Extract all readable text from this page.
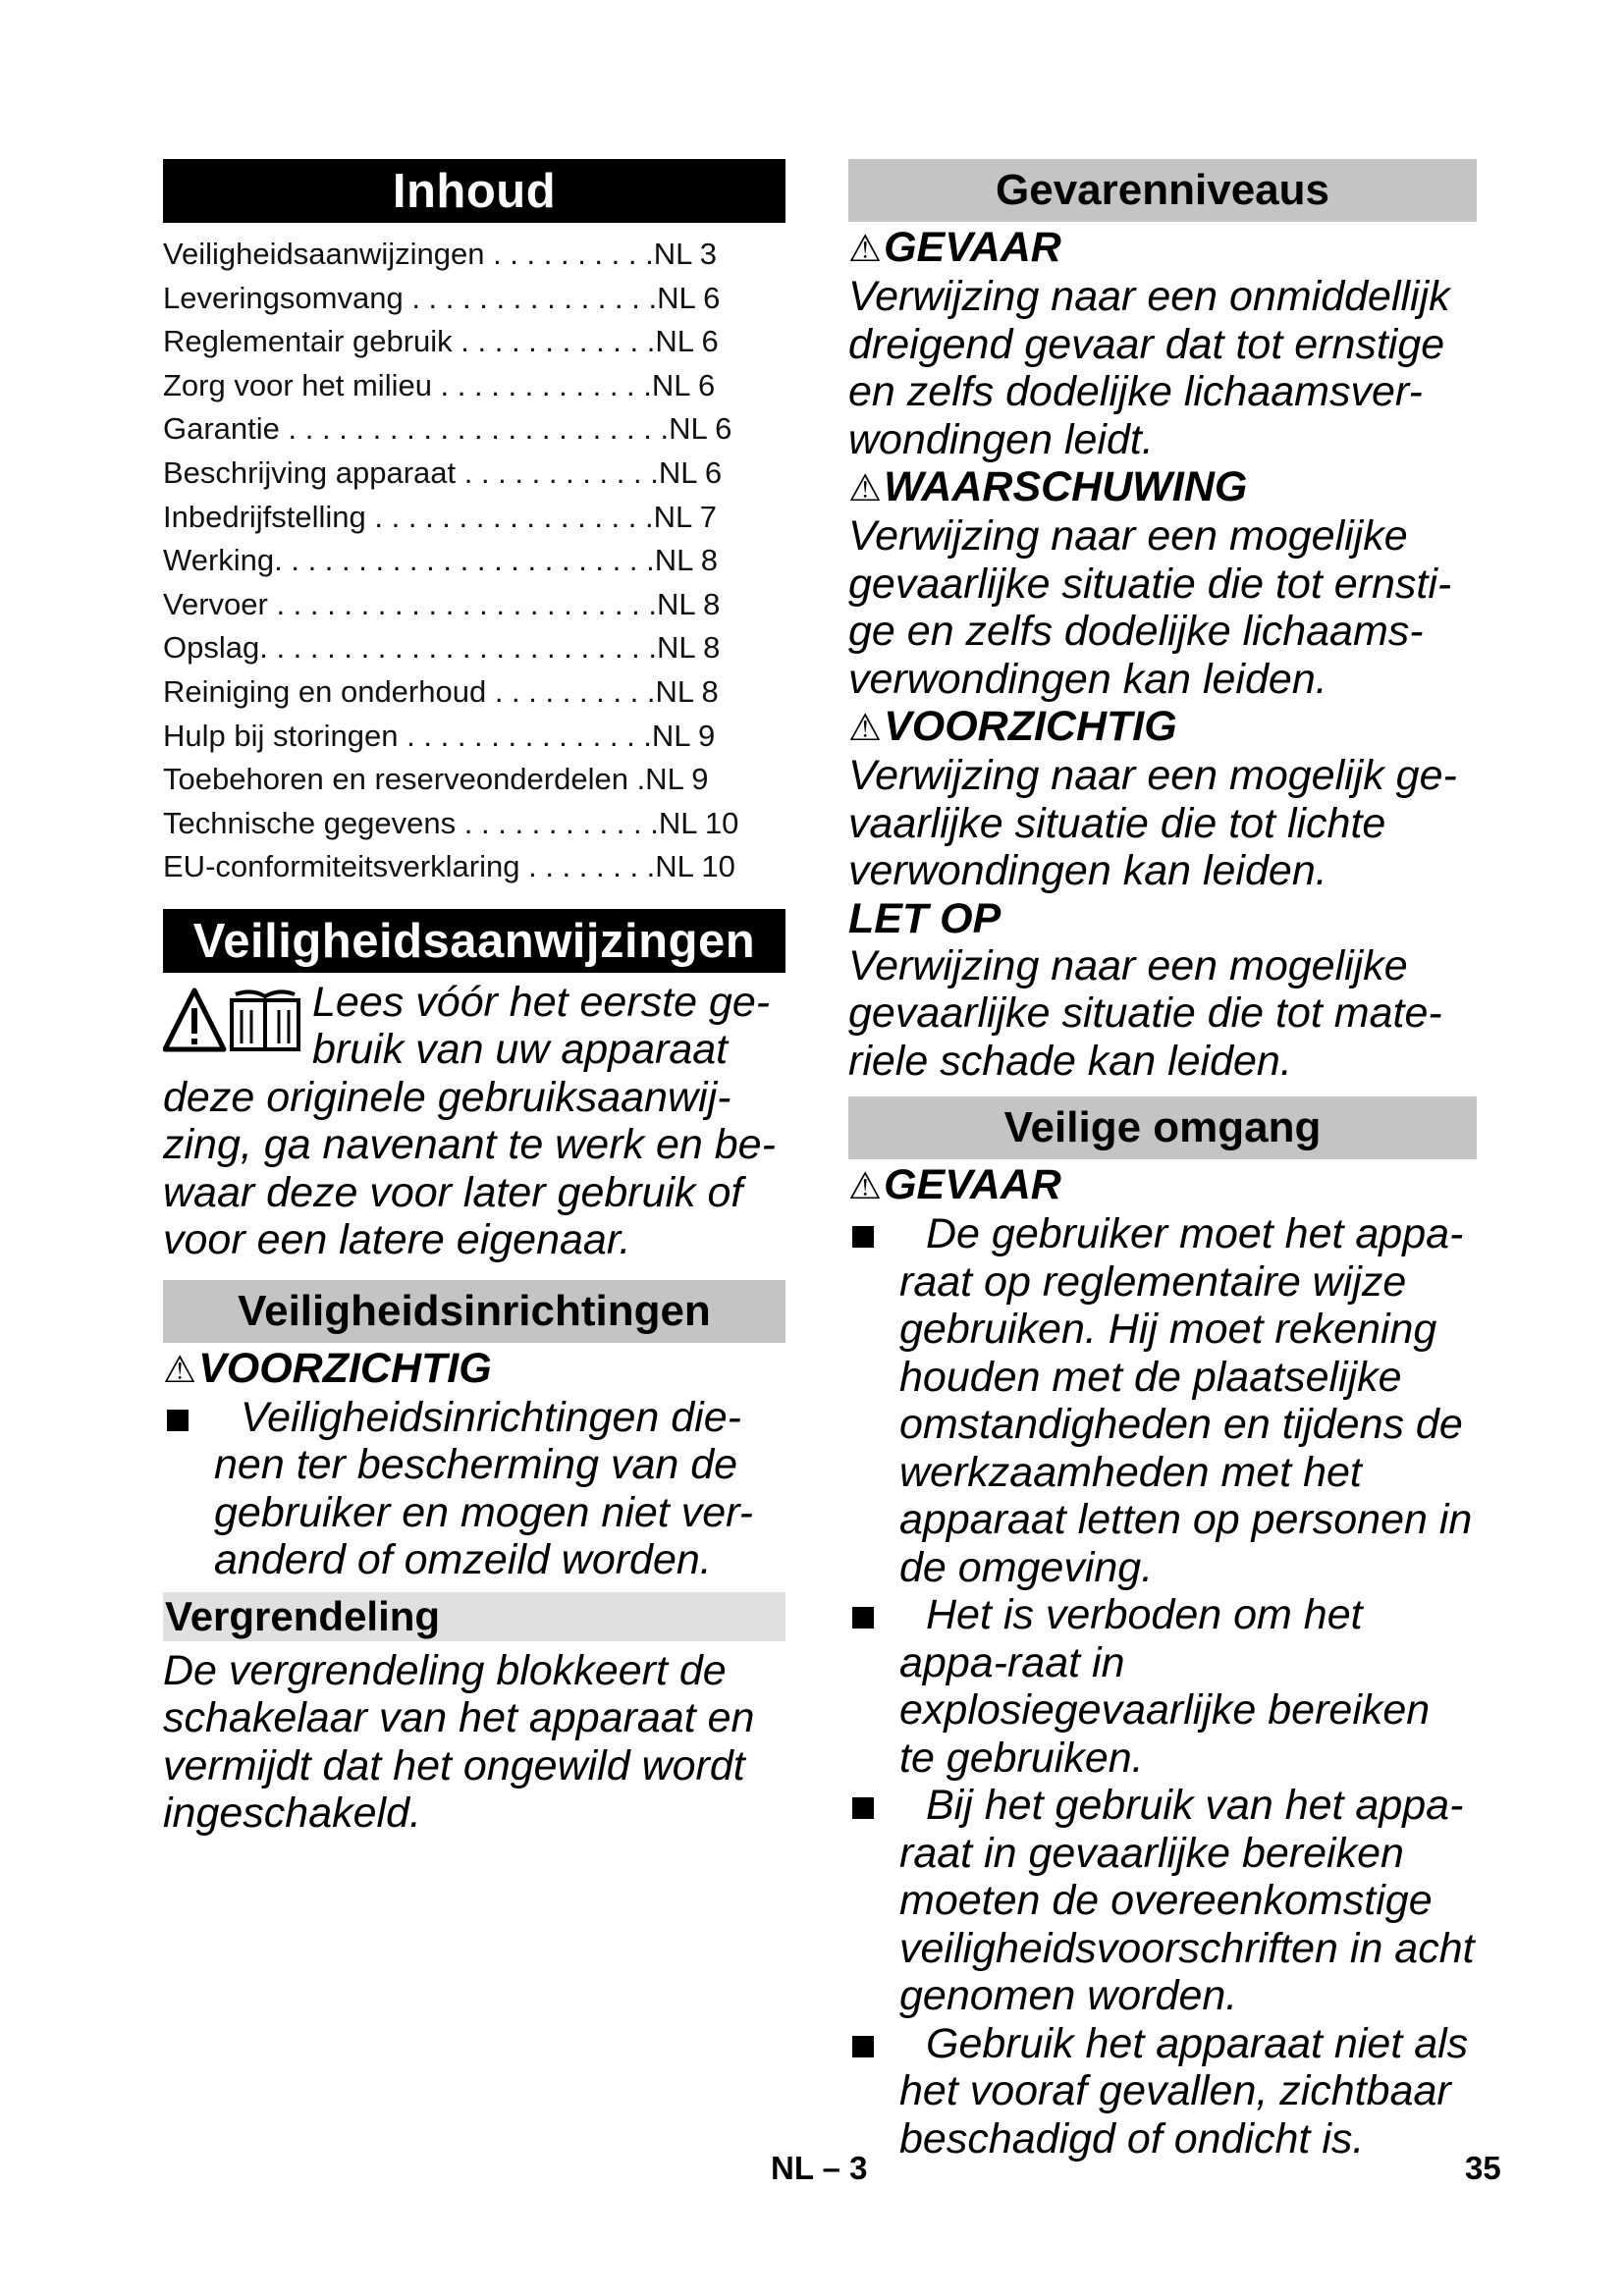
Inhoud
Veiligheidsaanwijzingen . . . . . . . . . .NL 3
Leveringsomvang . . . . . . . . . . . . . . .NL 6
Reglementair gebruik . . . . . . . . . . . .NL 6
Zorg voor het milieu . . . . . . . . . . . . .NL 6
Garantie . . . . . . . . . . . . . . . . . . . . . . .NL 6
Beschrijving apparaat . . . . . . . . . . . .NL 6
Inbedrijfstelling . . . . . . . . . . . . . . . . .NL 7
Werking. . . . . . . . . . . . . . . . . . . . . . .NL 8
Vervoer . . . . . . . . . . . . . . . . . . . . . . .NL 8
Opslag. . . . . . . . . . . . . . . . . . . . . . . .NL 8
Reiniging en onderhoud . . . . . . . . . .NL 8
Hulp bij storingen . . . . . . . . . . . . . . .NL 9
Toebehoren en reserveonderdelen .NL 9
Technische gegevens . . . . . . . . . . . .NL 10
EU-conformiteitsverklaring . . . . . . . .NL 10
Veiligheidsaanwijzingen
Lees vóór het eerste ge-bruik van uw apparaat deze originele gebruiksaanwij-zing, ga navenant te werk en be-waar deze voor later gebruik of voor een latere eigenaar.
Veiligheidsinrichtingen
⚠VOORZICHTIG
Veiligheidsinrichtingen die-nen ter bescherming van de gebruiker en mogen niet ver-anderd of omzeild worden.
Vergrendeling
De vergrendeling blokkeert de schakelaar van het apparaat en vermijdt dat het ongewild wordt ingeschakeld.
Gevarenniveaus
⚠GEVAAR
Verwijzing naar een onmiddellijk dreigend gevaar dat tot ernstige en zelfs dodelijke lichaamsver-wondingen leidt.
⚠WAARSCHUWING
Verwijzing naar een mogelijke gevaarlijke situatie die tot ernsti-ge en zelfs dodelijke lichaams-verwondingen kan leiden.
⚠VOORZICHTIG
Verwijzing naar een mogelijk ge-vaarlijke situatie die tot lichte verwondingen kan leiden.
LET OP
Verwijzing naar een mogelijke gevaarlijke situatie die tot mate-riele schade kan leiden.
Veilige omgang
⚠GEVAAR
De gebruiker moet het appa-raat op reglementaire wijze gebruiken. Hij moet rekening houden met de plaatselijke omstandigheden en tijdens de werkzaamheden met het apparaat letten op personen in de omgeving.
Het is verboden om het appa-raat in explosiegevaarlijke bereiken te gebruiken.
Bij het gebruik van het appa-raat in gevaarlijke bereiken moeten de overeenkomstige veiligheidsvoorschriften in acht genomen worden.
Gebruik het apparaat niet als het vooraf gevallen, zichtbaar beschadigd of ondicht is.
NL – 3	35
